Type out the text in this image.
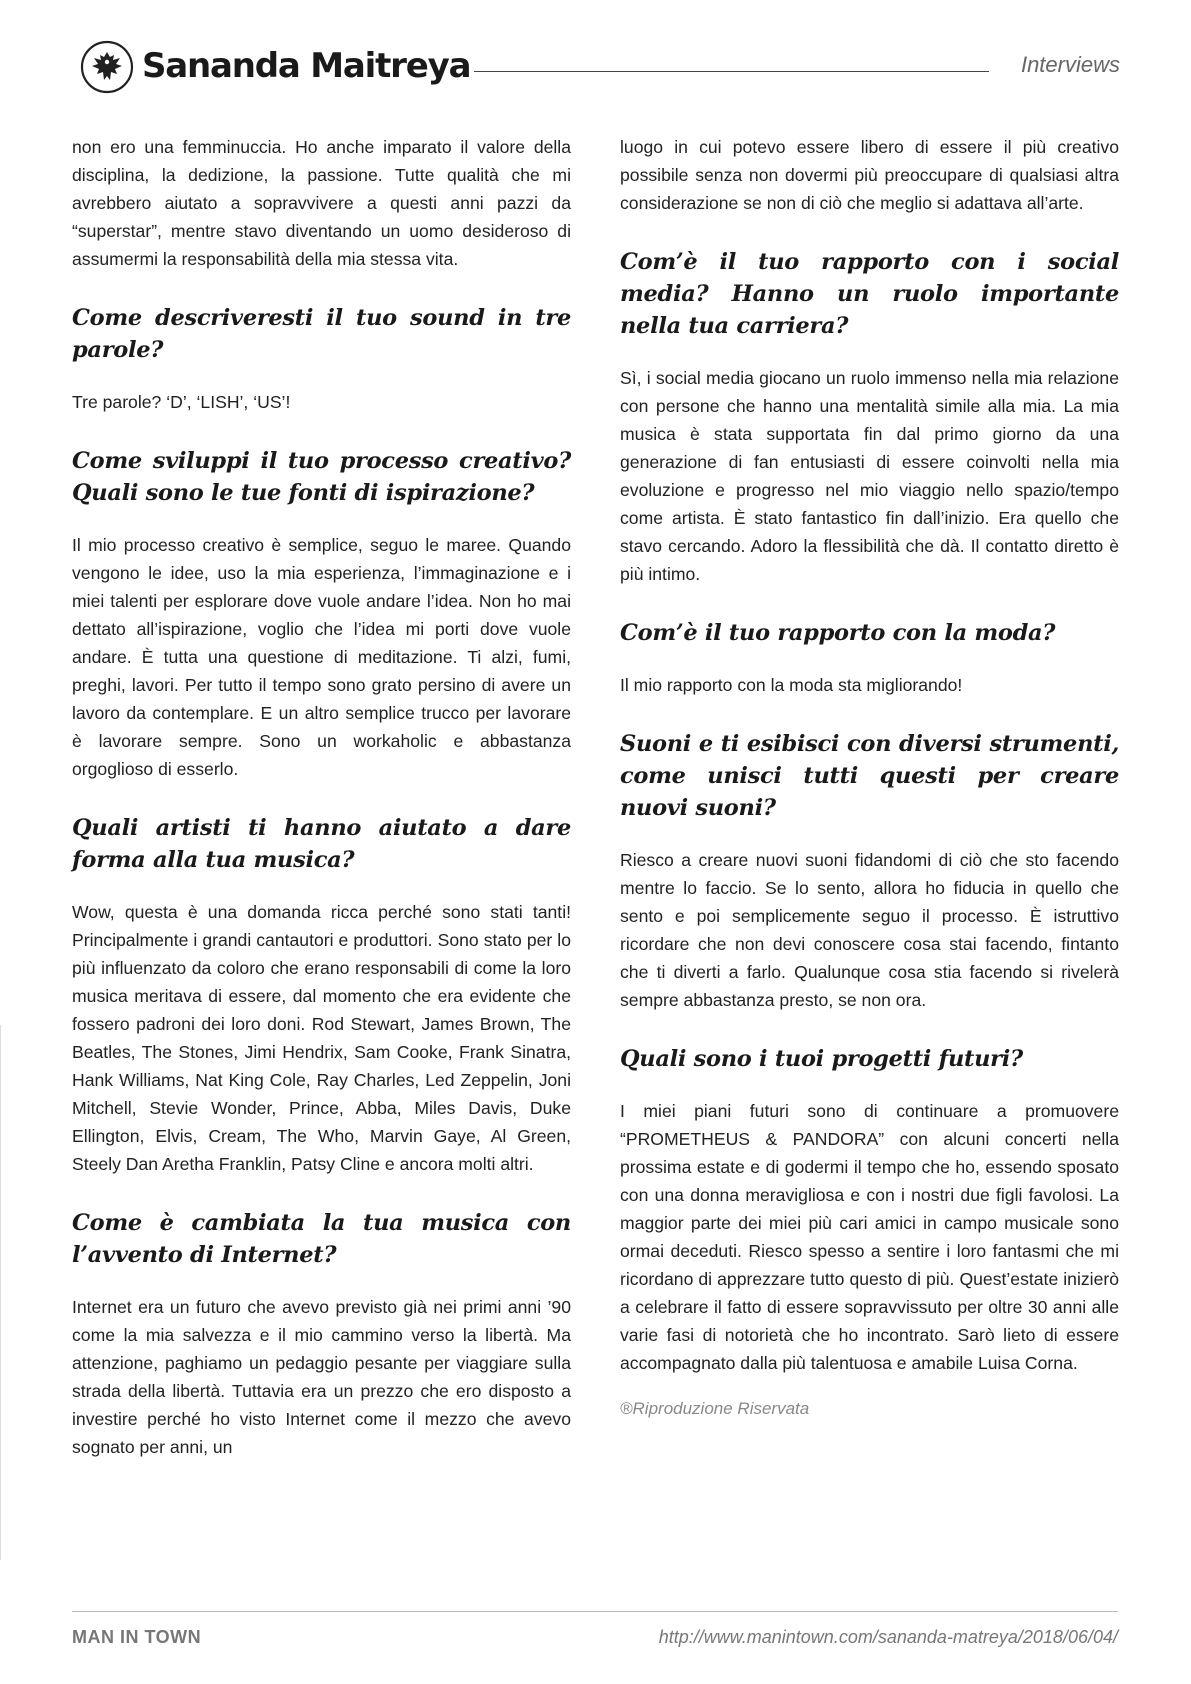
Sananda Maitreya	Interviews

non ero una femminuccia. Ho anche imparato il valore della disciplina, la dedizione, la passione. Tutte qualità che mi avrebbero aiutato a sopravvivere a questi anni pazzi da “superstar”, mentre stavo diventando un uomo desideroso di assumermi la responsabilità della mia stessa vita.

Come descriveresti il tuo sound in tre parole?

Tre parole? ‘D’, ‘LISH’, ‘US’!

Come sviluppi il tuo processo creativo? Quali sono le tue fonti di ispirazione?

Il mio processo creativo è semplice, seguo le maree. Quando vengono le idee, uso la mia esperienza, l’immaginazione e i miei talenti per esplorare dove vuole andare l’idea. Non ho mai dettato all’ispirazione, voglio che l’idea mi porti dove vuole andare. È tutta una questione di meditazione. Ti alzi, fumi, preghi, lavori. Per tutto il tempo sono grato persino di avere un lavoro da contemplare. E un altro semplice trucco per lavorare è lavorare sempre. Sono un workaholic e abbastanza orgoglioso di esserlo.

Quali artisti ti hanno aiutato a dare forma alla tua musica?

Wow, questa è una domanda ricca perché sono stati tanti! Principalmente i grandi cantautori e produttori. Sono stato per lo più influenzato da coloro che erano responsabili di come la loro musica meritava di essere, dal momento che era evidente che fossero padroni dei loro doni. Rod Stewart, James Brown, The Beatles, The Stones, Jimi Hendrix, Sam Cooke, Frank Sinatra, Hank Williams, Nat King Cole, Ray Charles, Led Zeppelin, Joni Mitchell, Stevie Wonder, Prince, Abba, Miles Davis, Duke Ellington, Elvis, Cream, The Who, Marvin Gaye, Al Green, Steely Dan Aretha Franklin, Patsy Cline e ancora molti altri.

Come è cambiata la tua musica con l’avvento di Internet?

Internet era un futuro che avevo previsto già nei primi anni ’90 come la mia salvezza e il mio cammino verso la libertà. Ma attenzione, paghiamo un pedaggio pesante per viaggiare sulla strada della libertà. Tuttavia era un prezzo che ero disposto a investire perché ho visto Internet come il mezzo che avevo sognato per anni, un

luogo in cui potevo essere libero di essere il più creativo possibile senza non dovermi più preoccupare di qualsiasi altra considerazione se non di ciò che meglio si adattava all’arte.

Com’è il tuo rapporto con i social media? Hanno un ruolo importante nella tua carriera?

Sì, i social media giocano un ruolo immenso nella mia relazione con persone che hanno una mentalità simile alla mia. La mia musica è stata supportata fin dal primo giorno da una generazione di fan entusiasti di essere coinvolti nella mia evoluzione e progresso nel mio viaggio nello spazio/tempo come artista. È stato fantastico fin dall’inizio. Era quello che stavo cercando. Adoro la flessibilità che dà. Il contatto diretto è più intimo.

Com’è il tuo rapporto con la moda?

Il mio rapporto con la moda sta migliorando!

Suoni e ti esibisci con diversi strumenti, come unisci tutti questi per creare nuovi suoni?

Riesco a creare nuovi suoni fidandomi di ciò che sto facendo mentre lo faccio. Se lo sento, allora ho fiducia in quello che sento e poi semplicemente seguo il processo. È istruttivo ricordare che non devi conoscere cosa stai facendo, fintanto che ti diverti a farlo. Qualunque cosa stia facendo si rivelerà sempre abbastanza presto, se non ora.

Quali sono i tuoi progetti futuri?

I miei piani futuri sono di continuare a promuovere “PROMETHEUS & PANDORA” con alcuni concerti nella prossima estate e di godermi il tempo che ho, essendo sposato con una donna meravigliosa e con i nostri due figli favolosi. La maggior parte dei miei più cari amici in campo musicale sono ormai deceduti. Riesco spesso a sentire i loro fantasmi che mi ricordano di apprezzare tutto questo di più. Quest’estate inizierò a celebrare il fatto di essere sopravvissuto per oltre 30 anni alle varie fasi di notorietà che ho incontrato. Sarò lieto di essere accompagnato dalla più talentuosa e amabile Luisa Corna.

®Riproduzione Riservata

MAN IN TOWN	http://www.manintown.com/sananda-matreya/2018/06/04/
